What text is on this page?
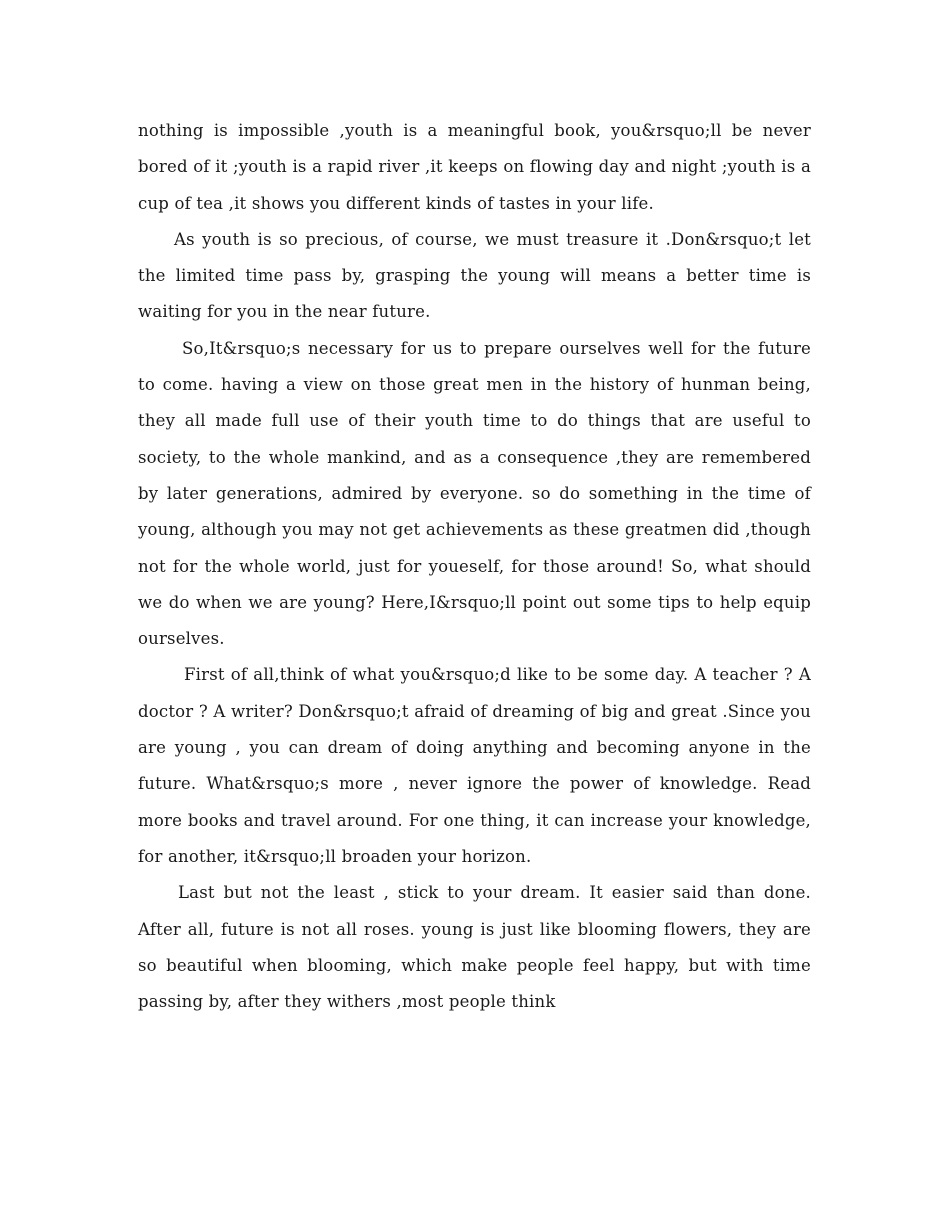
nothing is impossible ,youth is a meaningful book, you&rsquo;ll be never bored of it ;youth is a rapid river ,it keeps on flowing day and night ;youth is a cup of tea ,it shows you different kinds of tastes in your life.

As youth is so precious, of course, we must treasure it .Don&rsquo;t let the limited time pass by, grasping the young will means a better time is waiting for you in the near future.

So,It&rsquo;s necessary for us to prepare ourselves well for the future to come. having a view on those great men in the history of hunman being, they all made full use of their youth time to do things that are useful to society, to the whole mankind, and as a consequence ,they are remembered by later generations, admired by everyone. so do something in the time of young, although you may not get achievements as these greatmen did ,though not for the whole world, just for youeself, for those around! So, what should we do when we are young? Here,I&rsquo;ll point out some tips to help equip ourselves.

First of all,think of what you&rsquo;d like to be some day. A teacher ? A doctor ? A writer? Don&rsquo;t afraid of dreaming of big and great .Since you are young , you can dream of doing anything and becoming anyone in the future. What&rsquo;s more , never ignore the power of knowledge. Read more books and travel around. For one thing, it can increase your knowledge, for another, it&rsquo;ll broaden your horizon.

Last but not the least , stick to your dream. It easier said than done. After all, future is not all roses. young is just like blooming flowers, they are so beautiful when blooming, which make people feel happy, but with time passing by, after they withers ,most people think
